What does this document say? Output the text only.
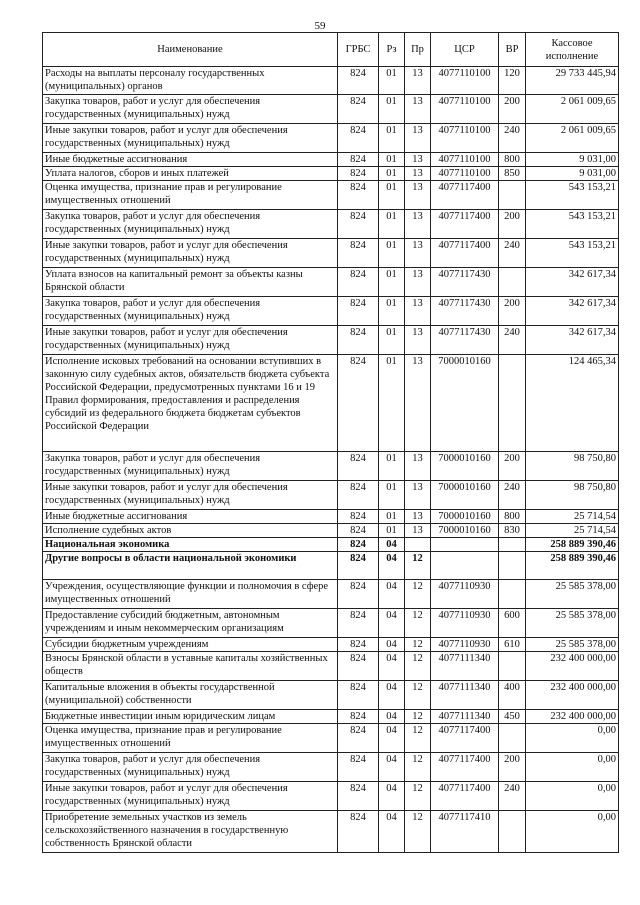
59
Наименование	ГРБС	Рз	Пр	ЦСР	ВР	Кассовое исполнение
Расходы на выплаты персоналу государственных (муниципальных) органов	824	01	13	4077110100	120	29 733 445,94
Закупка товаров, работ и услуг для обеспечения государственных (муниципальных) нужд	824	01	13	4077110100	200	2 061 009,65
Иные закупки товаров, работ и услуг для обеспечения государственных (муниципальных) нужд	824	01	13	4077110100	240	2 061 009,65
Иные бюджетные ассигнования	824	01	13	4077110100	800	9 031,00
Уплата налогов, сборов и иных платежей	824	01	13	4077110100	850	9 031,00
Оценка имущества, признание прав и регулирование имущественных отношений	824	01	13	4077117400		543 153,21
Закупка товаров, работ и услуг для обеспечения государственных (муниципальных) нужд	824	01	13	4077117400	200	543 153,21
Иные закупки товаров, работ и услуг для обеспечения государственных (муниципальных) нужд	824	01	13	4077117400	240	543 153,21
Уплата взносов на капитальный ремонт за объекты казны Брянской области	824	01	13	4077117430		342 617,34
Закупка товаров, работ и услуг для обеспечения государственных (муниципальных) нужд	824	01	13	4077117430	200	342 617,34
Иные закупки товаров, работ и услуг для обеспечения государственных (муниципальных) нужд	824	01	13	4077117430	240	342 617,34
Исполнение исковых требований на основании вступивших в законную силу судебных актов, обязательств бюджета субъекта Российской Федерации, предусмотренных пунктами 16 и 19 Правил формирования, предоставления и распределения субсидий из федерального бюджета бюджетам субъектов Российской Федерации	824	01	13	7000010160		124 465,34
Закупка товаров, работ и услуг для обеспечения государственных (муниципальных) нужд	824	01	13	7000010160	200	98 750,80
Иные закупки товаров, работ и услуг для обеспечения государственных (муниципальных) нужд	824	01	13	7000010160	240	98 750,80
Иные бюджетные ассигнования	824	01	13	7000010160	800	25 714,54
Исполнение судебных актов	824	01	13	7000010160	830	25 714,54
Национальная экономика	824	04				258 889 390,46
Другие вопросы в области национальной экономики	824	04	12			258 889 390,46
Учреждения, осуществляющие функции и полномочия в сфере имущественных отношений	824	04	12	4077110930		25 585 378,00
Предоставление субсидий бюджетным, автономным учреждениям и иным некоммерческим организациям	824	04	12	4077110930	600	25 585 378,00
Субсидии бюджетным учреждениям	824	04	12	4077110930	610	25 585 378,00
Взносы Брянской области в уставные капиталы хозяйственных обществ	824	04	12	4077111340		232 400 000,00
Капитальные вложения в объекты государственной (муниципальной) собственности	824	04	12	4077111340	400	232 400 000,00
Бюджетные инвестиции иным юридическим лицам	824	04	12	4077111340	450	232 400 000,00
Оценка имущества, признание прав и регулирование имущественных отношений	824	04	12	4077117400		0,00
Закупка товаров, работ и услуг для обеспечения государственных (муниципальных) нужд	824	04	12	4077117400	200	0,00
Иные закупки товаров, работ и услуг для обеспечения государственных (муниципальных) нужд	824	04	12	4077117400	240	0,00
Приобретение земельных участков из земель сельскохозяйственного назначения в государственную собственность Брянской области	824	04	12	4077117410		0,00
